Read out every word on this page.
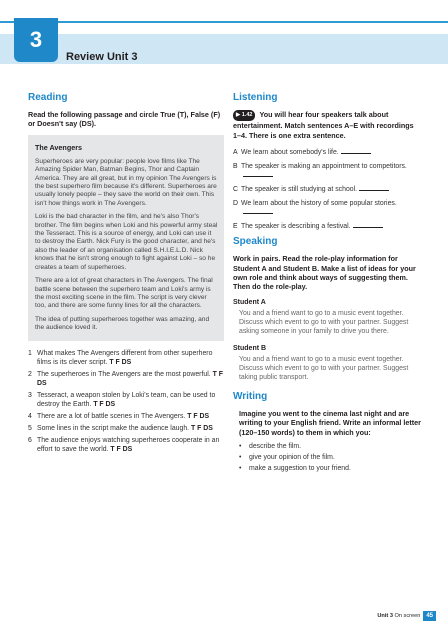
3
Review Unit 3
Reading
Read the following passage and circle True (T), False (F) or Doesn't say (DS).
The Avengers

Superheroes are very popular: people love films like The Amazing Spider Man, Batman Begins, Thor and Captain America. They are all great, but in my opinion The Avengers is the best superhero film because it's different. Superheroes are usually lonely people – they save the world on their own. This isn't how things work in The Avengers.

Loki is the bad character in the film, and he's also Thor's brother. The film begins when Loki and his powerful army steal the Tesseract. This is a source of energy, and Loki can use it to destroy the Earth. Nick Fury is the good character, and he's also the leader of an organisation called S.H.I.E.L.D. Nick knows that he isn't strong enough to fight against Loki – so he creates a team of superheroes.

There are a lot of great characters in The Avengers. The final battle scene between the superhero team and Loki's army is the most exciting scene in the film. The script is very clever too, and there are some funny lines for all the characters.

The idea of putting superheroes together was amazing, and the audience loved it.

1 What makes The Avengers different from other superhero films is its clever script. T F DS
2 The superheroes in The Avengers are the most powerful. T F DS
3 Tesseract, a weapon stolen by Loki's team, can be used to destroy the Earth. T F DS
4 There are a lot of battle scenes in The Avengers. T F DS
5 Some lines in the script make the audience laugh. T F DS
6 The audience enjoys watching superheroes cooperate in an effort to save the world. T F DS
Listening
▶ 1.42 You will hear four speakers talk about entertainment. Match sentences A–E with recordings 1–4. There is one extra sentence.
A We learn about somebody's life.
B The speaker is making an appointment to competitors.
C The speaker is still studying at school.
D We learn about the history of some popular stories.
E The speaker is describing a festival.
Speaking
Work in pairs. Read the role-play information for Student A and Student B. Make a list of ideas for your own role and think about ways of suggesting them. Then do the role-play.
Student A
You and a friend want to go to a music event together. Discuss which event to go to with your partner. Suggest asking someone in your family to drive you there.
Student B
You and a friend want to go to a music event together. Discuss which event to go to with your partner. Suggest taking public transport.
Writing
Imagine you went to the cinema last night and are writing to your English friend. Write an informal letter (120–150 words) to them in which you:
•	describe the film.
•	give your opinion of the film.
•	make a suggestion to your friend.
Unit 3 On screen	45
